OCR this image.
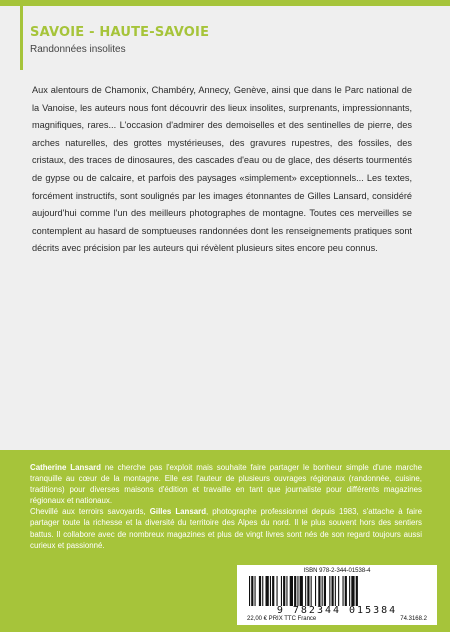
SAVOIE - HAUTE-SAVOIE
Randonnées insolites

Aux alentours de Chamonix, Chambéry, Annecy, Genève, ainsi que dans le Parc national de la Vanoise, les auteurs nous font découvrir des lieux insolites, surprenants, impressionnants, magnifiques, rares... L'occasion d'admirer des demoiselles et des sentinelles de pierre, des arches naturelles, des grottes mystérieuses, des gravures rupestres, des fossiles, des cristaux, des traces de dinosaures, des cascades d'eau ou de glace, des déserts tourmentés de gypse ou de calcaire, et parfois des paysages «simplement» exceptionnels... Les textes, forcément instructifs, sont soulignés par les images étonnantes de Gilles Lansard, considéré aujourd'hui comme l'un des meilleurs photographes de montagne. Toutes ces merveilles se contemplent au hasard de somptueuses randonnées dont les renseignements pratiques sont décrits avec précision par les auteurs qui révèlent plusieurs sites encore peu connus.

Catherine Lansard ne cherche pas l'exploit mais souhaite faire partager le bonheur simple d'une marche tranquille au cœur de la montagne. Elle est l'auteur de plusieurs ouvrages régionaux (randonnée, cuisine, traditions) pour diverses maisons d'édition et travaille en tant que journaliste pour différents magazines régionaux et nationaux.

Chevillé aux terroirs savoyards, Gilles Lansard, photographe professionnel depuis 1983, s'attache à faire partager toute la richesse et la diversité du territoire des Alpes du nord. Il le plus souvent hors des sentiers battus. Il collabore avec de nombreux magazines et plus de vingt livres sont nés de son regard toujours aussi curieux et passionné.

ISBN 978-2-344-01538-4
9 782344 015384
22,00 € PRIX TTC France	74.3168.2
